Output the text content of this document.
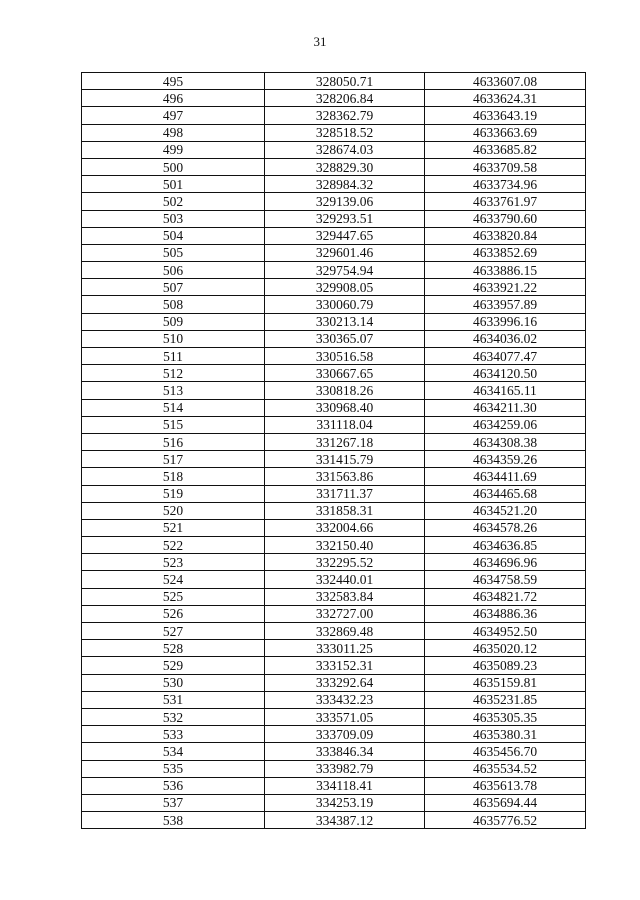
31
495	328050.71	4633607.08
496	328206.84	4633624.31
497	328362.79	4633643.19
498	328518.52	4633663.69
499	328674.03	4633685.82
500	328829.30	4633709.58
501	328984.32	4633734.96
502	329139.06	4633761.97
503	329293.51	4633790.60
504	329447.65	4633820.84
505	329601.46	4633852.69
506	329754.94	4633886.15
507	329908.05	4633921.22
508	330060.79	4633957.89
509	330213.14	4633996.16
510	330365.07	4634036.02
511	330516.58	4634077.47
512	330667.65	4634120.50
513	330818.26	4634165.11
514	330968.40	4634211.30
515	331118.04	4634259.06
516	331267.18	4634308.38
517	331415.79	4634359.26
518	331563.86	4634411.69
519	331711.37	4634465.68
520	331858.31	4634521.20
521	332004.66	4634578.26
522	332150.40	4634636.85
523	332295.52	4634696.96
524	332440.01	4634758.59
525	332583.84	4634821.72
526	332727.00	4634886.36
527	332869.48	4634952.50
528	333011.25	4635020.12
529	333152.31	4635089.23
530	333292.64	4635159.81
531	333432.23	4635231.85
532	333571.05	4635305.35
533	333709.09	4635380.31
534	333846.34	4635456.70
535	333982.79	4635534.52
536	334118.41	4635613.78
537	334253.19	4635694.44
538	334387.12	4635776.52
